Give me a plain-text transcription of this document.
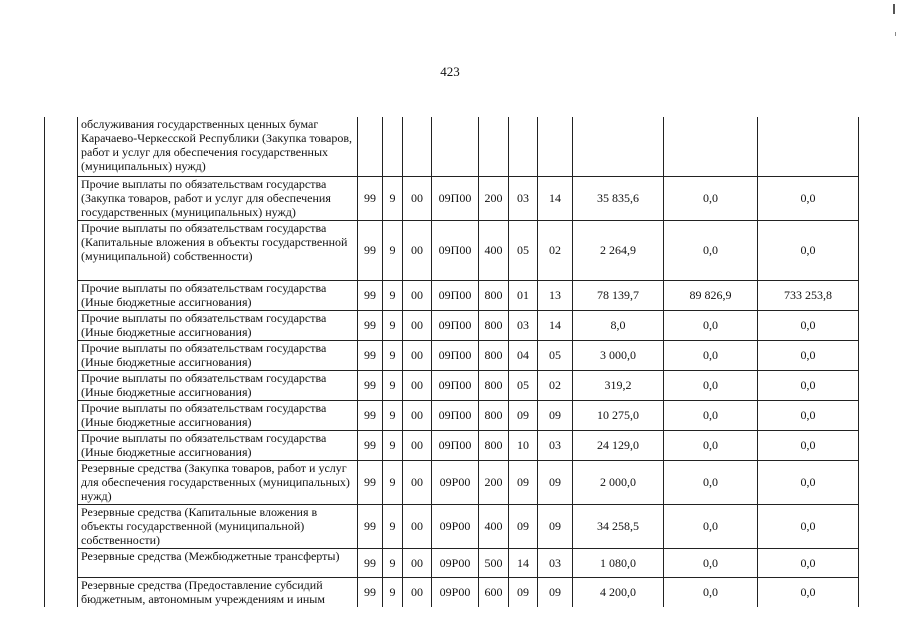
423
	обслуживания государственных ценных бумаг Карачаево-Черкесской Республики (Закупка товаров, работ и услуг для обеспечения государственных (муниципальных) нужд)										
	Прочие выплаты по обязательствам государства (Закупка товаров, работ и услуг для обеспечения государственных (муниципальных) нужд)	99	9	00	09П00	200	03	14	35 835,6	0,0	0,0
	Прочие выплаты по обязательствам государства (Капитальные вложения в объекты государственной (муниципальной) собственности)	99	9	00	09П00	400	05	02	2 264,9	0,0	0,0
	Прочие выплаты по обязательствам государства (Иные бюджетные ассигнования)	99	9	00	09П00	800	01	13	78 139,7	89 826,9	733 253,8
	Прочие выплаты по обязательствам государства (Иные бюджетные ассигнования)	99	9	00	09П00	800	03	14	8,0	0,0	0,0
	Прочие выплаты по обязательствам государства (Иные бюджетные ассигнования)	99	9	00	09П00	800	04	05	3 000,0	0,0	0,0
	Прочие выплаты по обязательствам государства (Иные бюджетные ассигнования)	99	9	00	09П00	800	05	02	319,2	0,0	0,0
	Прочие выплаты по обязательствам государства (Иные бюджетные ассигнования)	99	9	00	09П00	800	09	09	10 275,0	0,0	0,0
	Прочие выплаты по обязательствам государства (Иные бюджетные ассигнования)	99	9	00	09П00	800	10	03	24 129,0	0,0	0,0
	Резервные средства (Закупка товаров, работ и услуг для обеспечения государственных (муниципальных) нужд)	99	9	00	09Р00	200	09	09	2 000,0	0,0	0,0
	Резервные средства (Капитальные вложения в объекты государственной (муниципальной) собственности)	99	9	00	09Р00	400	09	09	34 258,5	0,0	0,0
	Резервные средства (Межбюджетные трансферты)	99	9	00	09Р00	500	14	03	1 080,0	0,0	0,0
	Резервные средства (Предоставление субсидий бюджетным, автономным учреждениям и иным	99	9	00	09Р00	600	09	09	4 200,0	0,0	0,0
